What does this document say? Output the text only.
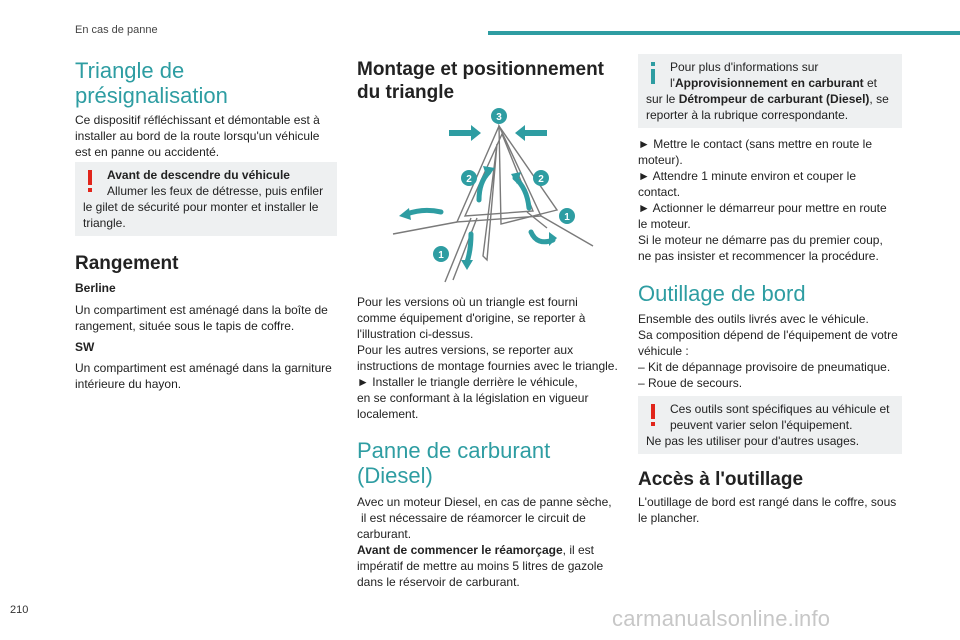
En cas de panne
Triangle de
présignalisation

Ce dispositif réfléchissant et démontable est à

installer au bord de la route lorsqu'un véhicule

est en panne ou accidenté.

Avant de descendre du véhicule
Allumer les feux de détresse, puis enfiler
le gilet de sécurité pour monter et installer le
triangle.
Rangement
Berline

Un compartiment est aménagé dans la boîte de

rangement, située sous le tapis de coffre.

SW

Un compartiment est aménagé dans la garniture

intérieure du hayon.

Montage et positionnement
du triangle
3
2	2
1
1

Pour les versions où un triangle est fourni

comme équipement d'origine, se reporter à

l'illustration ci-dessus.

Pour les autres versions, se reporter aux

instructions de montage fournies avec le triangle.

► Installer le triangle derrière le véhicule,

en se conformant à la législation en vigueur

localement.

Panne de carburant
(Diesel)

Avec un moteur Diesel, en cas de panne sèche,

il est nécessaire de réamorcer le circuit de

carburant.

Avant de commencer le réamorçage, il est

impératif de mettre au moins 5 litres de gazole

dans le réservoir de carburant.

Pour plus d'informations sur
l'Approvisionnement en carburant et
sur le Détrompeur de carburant (Diesel), se
reporter à la rubrique correspondante.

► Mettre le contact (sans mettre en route le

moteur).

► Attendre 1 minute environ et couper le

contact.

► Actionner le démarreur pour mettre en route

le moteur.

Si le moteur ne démarre pas du premier coup,

ne pas insister et recommencer la procédure.

Outillage de bord

Ensemble des outils livrés avec le véhicule.

Sa composition dépend de l'équipement de votre

véhicule :

– Kit de dépannage provisoire de pneumatique.

– Roue de secours.

Ces outils sont spécifiques au véhicule et
peuvent varier selon l'équipement.
Ne pas les utiliser pour d'autres usages.
Accès à l'outillage

L'outillage de bord est rangé dans le coffre, sous

le plancher.

210	carmanualsonline.info
